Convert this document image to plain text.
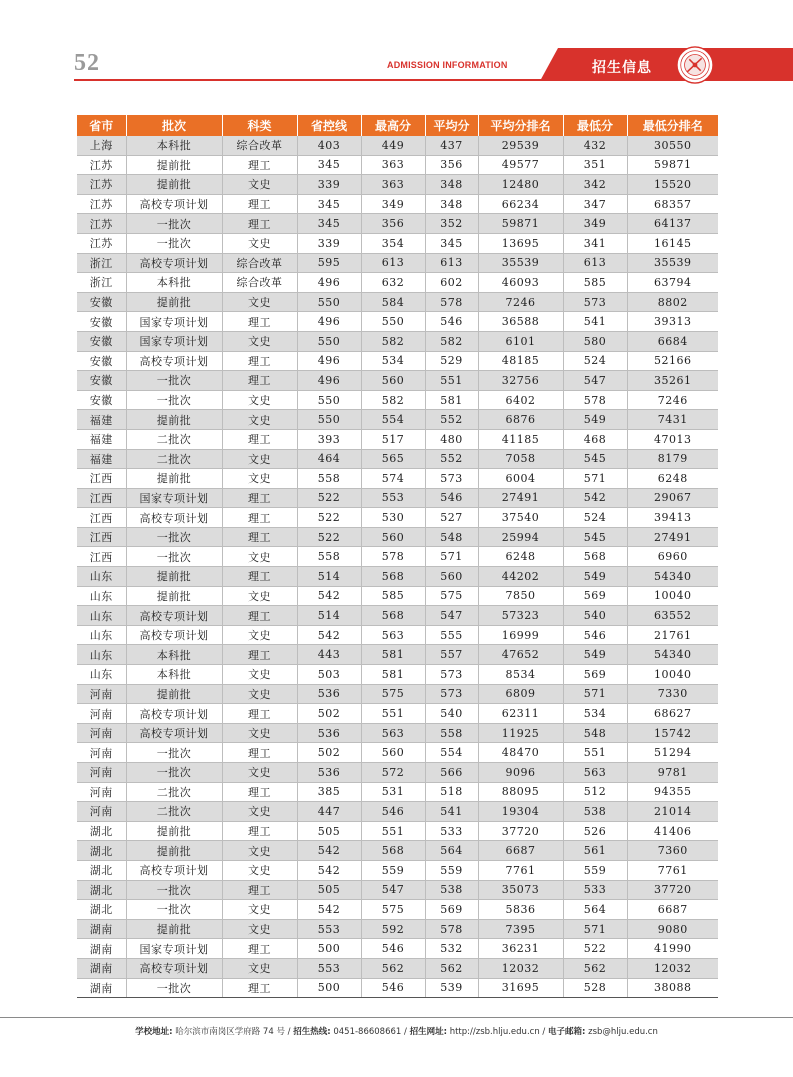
52	ADMISSION INFORMATION	招生信息
省市	批次	科类	省控线	最高分	平均分	平均分排名	最低分	最低分排名
上海	本科批	综合改革	403	449	437	29539	432	30550
江苏	提前批	理工	345	363	356	49577	351	59871
江苏	提前批	文史	339	363	348	12480	342	15520
江苏	高校专项计划	理工	345	349	348	66234	347	68357
江苏	一批次	理工	345	356	352	59871	349	64137
江苏	一批次	文史	339	354	345	13695	341	16145
浙江	高校专项计划	综合改革	595	613	613	35539	613	35539
浙江	本科批	综合改革	496	632	602	46093	585	63794
安徽	提前批	文史	550	584	578	7246	573	8802
安徽	国家专项计划	理工	496	550	546	36588	541	39313
安徽	国家专项计划	文史	550	582	582	6101	580	6684
安徽	高校专项计划	理工	496	534	529	48185	524	52166
安徽	一批次	理工	496	560	551	32756	547	35261
安徽	一批次	文史	550	582	581	6402	578	7246
福建	提前批	文史	550	554	552	6876	549	7431
福建	二批次	理工	393	517	480	41185	468	47013
福建	二批次	文史	464	565	552	7058	545	8179
江西	提前批	文史	558	574	573	6004	571	6248
江西	国家专项计划	理工	522	553	546	27491	542	29067
江西	高校专项计划	理工	522	530	527	37540	524	39413
江西	一批次	理工	522	560	548	25994	545	27491
江西	一批次	文史	558	578	571	6248	568	6960
山东	提前批	理工	514	568	560	44202	549	54340
山东	提前批	文史	542	585	575	7850	569	10040
山东	高校专项计划	理工	514	568	547	57323	540	63552
山东	高校专项计划	文史	542	563	555	16999	546	21761
山东	本科批	理工	443	581	557	47652	549	54340
山东	本科批	文史	503	581	573	8534	569	10040
河南	提前批	文史	536	575	573	6809	571	7330
河南	高校专项计划	理工	502	551	540	62311	534	68627
河南	高校专项计划	文史	536	563	558	11925	548	15742
河南	一批次	理工	502	560	554	48470	551	51294
河南	一批次	文史	536	572	566	9096	563	9781
河南	二批次	理工	385	531	518	88095	512	94355
河南	二批次	文史	447	546	541	19304	538	21014
湖北	提前批	理工	505	551	533	37720	526	41406
湖北	提前批	文史	542	568	564	6687	561	7360
湖北	高校专项计划	文史	542	559	559	7761	559	7761
湖北	一批次	理工	505	547	538	35073	533	37720
湖北	一批次	文史	542	575	569	5836	564	6687
湖南	提前批	文史	553	592	578	7395	571	9080
湖南	国家专项计划	理工	500	546	532	36231	522	41990
湖南	高校专项计划	文史	553	562	562	12032	562	12032
湖南	一批次	理工	500	546	539	31695	528	38088
学校地址: 哈尔滨市南岗区学府路 74 号 / 招生热线: 0451-86608661 / 招生网址: http://zsb.hlju.edu.cn / 电子邮箱: zsb@hlju.edu.cn
